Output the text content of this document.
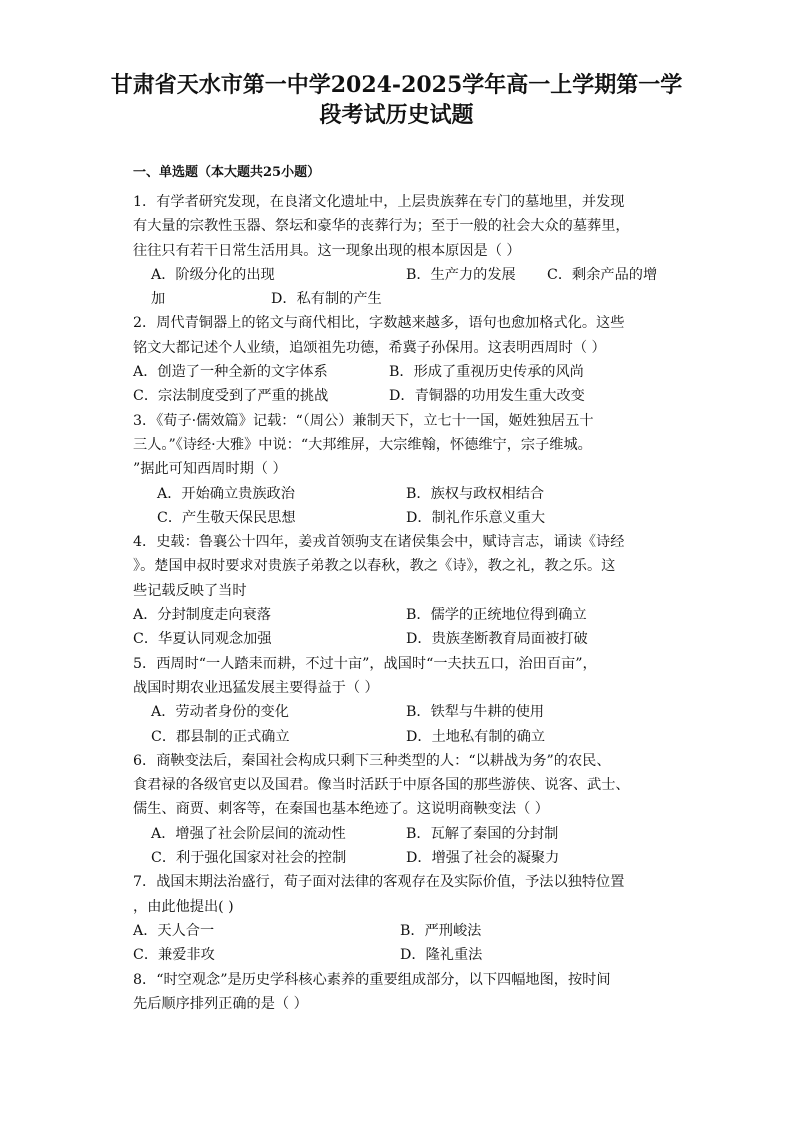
甘肃省天水市第一中学2024-2025学年高一上学期第一学
段考试历史试题
一、单选题（本大题共25小题）
1．有学者研究发现，在良渚文化遗址中，上层贵族葬在专门的墓地里，并发现
有大量的宗教性玉器、祭坛和豪华的丧葬行为；至于一般的社会大众的墓葬里，
往往只有若干日常生活用具。这一现象出现的根本原因是（ ）
A．阶级分化的出现	B．生产力的发展 C．剩余产品的增
加	D．私有制的产生
2．周代青铜器上的铭文与商代相比，字数越来越多，语句也愈加格式化。这些
铭文大都记述个人业绩，追颂祖先功德，希冀子孙保用。这表明西周时（ ）
A．创造了一种全新的文字体系	B．形成了重视历史传承的风尚
C．宗法制度受到了严重的挑战	D．青铜器的功用发生重大改变
3．《荀子·儒效篇》记载：“（周公）兼制天下，立七十一国，姬姓独居五十
三人。”《诗经·大雅》中说：“大邦维屏，大宗维翰，怀德维宁，宗子维城。
”据此可知西周时期（ ）
A．开始确立贵族政治	B．族权与政权相结合
C．产生敬天保民思想	D．制礼作乐意义重大
4．史载：鲁襄公十四年，姜戎首领驹支在诸侯集会中，赋诗言志，诵读《诗经
》。楚国申叔时要求对贵族子弟教之以春秋，教之《诗》，教之礼，教之乐。这
些记载反映了当时
A．分封制度走向衰落	B．儒学的正统地位得到确立
C．华夏认同观念加强	D．贵族垄断教育局面被打破
5．西周时“一人踏耒而耕，不过十亩”，战国时“一夫扶五口，治田百亩”，
战国时期农业迅猛发展主要得益于（ ）
A．劳动者身份的变化	B．铁犁与牛耕的使用
C．郡县制的正式确立	D．土地私有制的确立
6．商鞅变法后，秦国社会构成只剩下三种类型的人：“以耕战为务”的农民、
食君禄的各级官吏以及国君。像当时活跃于中原各国的那些游侠、说客、武士、
儒生、商贾、刺客等，在秦国也基本绝迹了。这说明商鞅变法（ ）
A．增强了社会阶层间的流动性	B．瓦解了秦国的分封制
C．利于强化国家对社会的控制	D．增强了社会的凝聚力
7．战国末期法治盛行，荀子面对法律的客观存在及实际价值，予法以独特位置
，由此他提出( )
A．天人合一	B．严刑峻法
C．兼爱非攻	D．隆礼重法
8．“时空观念”是历史学科核心素养的重要组成部分，以下四幅地图，按时间
先后顺序排列正确的是（ ）
